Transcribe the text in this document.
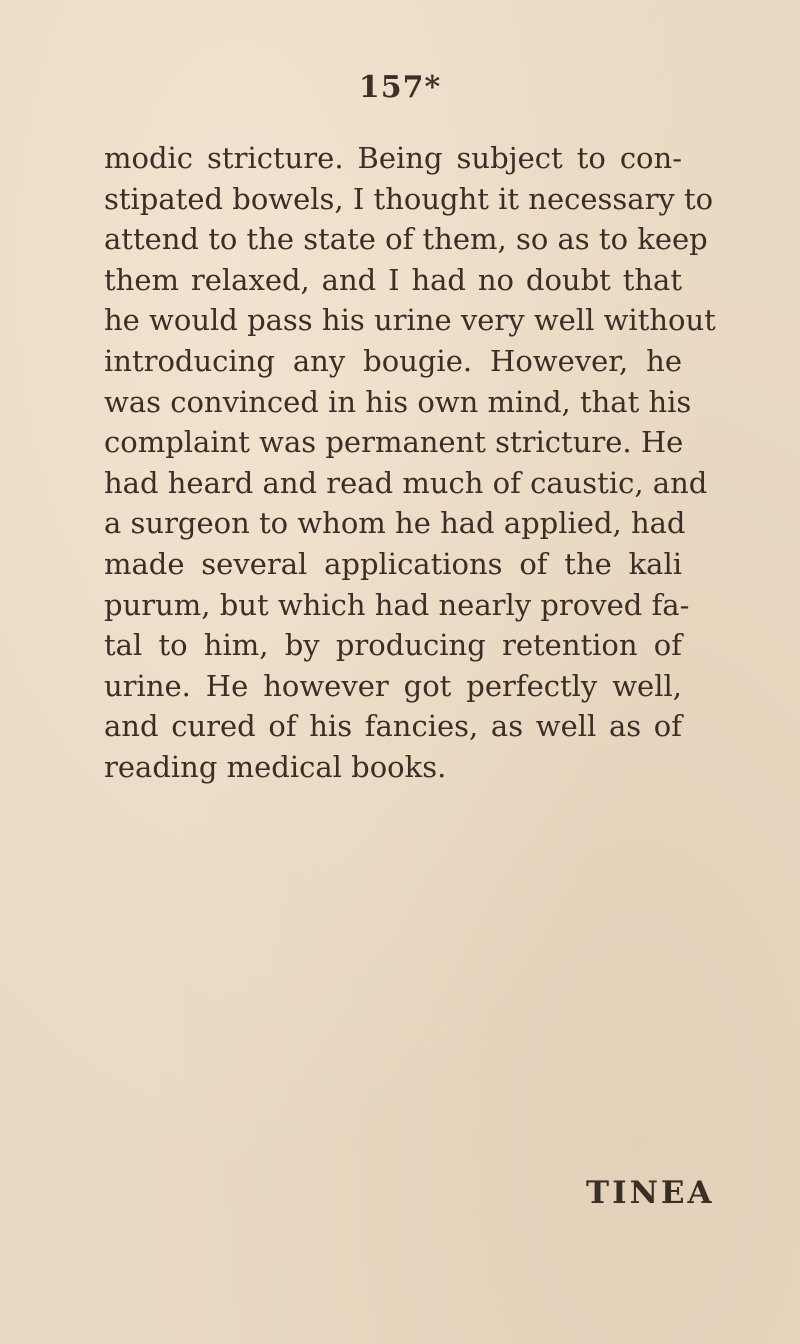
157*

modic stricture. Being subject to con-
stipated bowels, I thought it necessary to
attend to the state of them, so as to keep
them relaxed, and I had no doubt that
he would pass his urine very well without
introducing any bougie. However, he
was convinced in his own mind, that his
complaint was permanent stricture. He
had heard and read much of caustic, and
a surgeon to whom he had applied, had
made several applications of the kali
purum, but which had nearly proved fa-
tal to him, by producing retention of
urine. He however got perfectly well,
and cured of his fancies, as well as of
reading medical books.

TINEA
